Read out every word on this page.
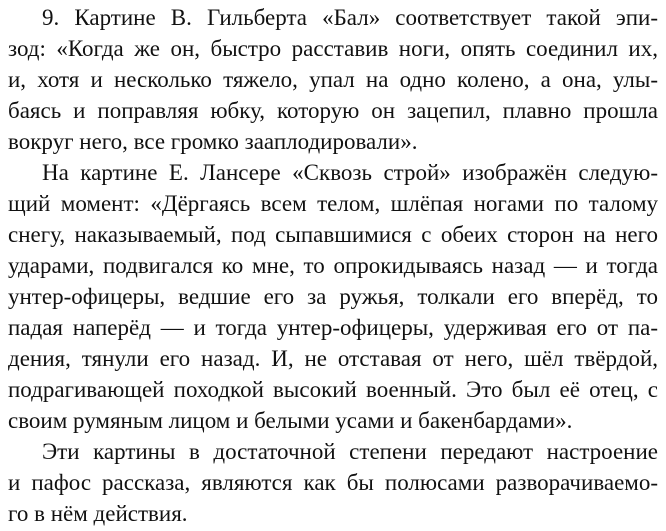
9. Картине В. Гильберта «Бал» соответствует такой эпи-
зод: «Когда же он, быстро расставив ноги, опять соединил их,
и, хотя и несколько тяжело, упал на одно колено, а она, улы-
баясь и поправляя юбку, которую он зацепил, плавно прошла
вокруг него, все громко зааплодировали».
На картине Е. Лансере «Сквозь строй» изображён следую-
щий момент: «Дёргаясь всем телом, шлёпая ногами по талому
снегу, наказываемый, под сыпавшимися с обеих сторон на него
ударами, подвигался ко мне, то опрокидываясь назад — и тогда
унтер-офицеры, ведшие его за ружья, толкали его вперёд, то
падая наперёд — и тогда унтер-офицеры, удерживая его от па-
дения, тянули его назад. И, не отставая от него, шёл твёрдой,
подрагивающей походкой высокий военный. Это был её отец, с
своим румяным лицом и белыми усами и бакенбардами».
Эти картины в достаточной степени передают настроение
и пафос рассказа, являются как бы полюсами разворачиваемо-
го в нём действия.
